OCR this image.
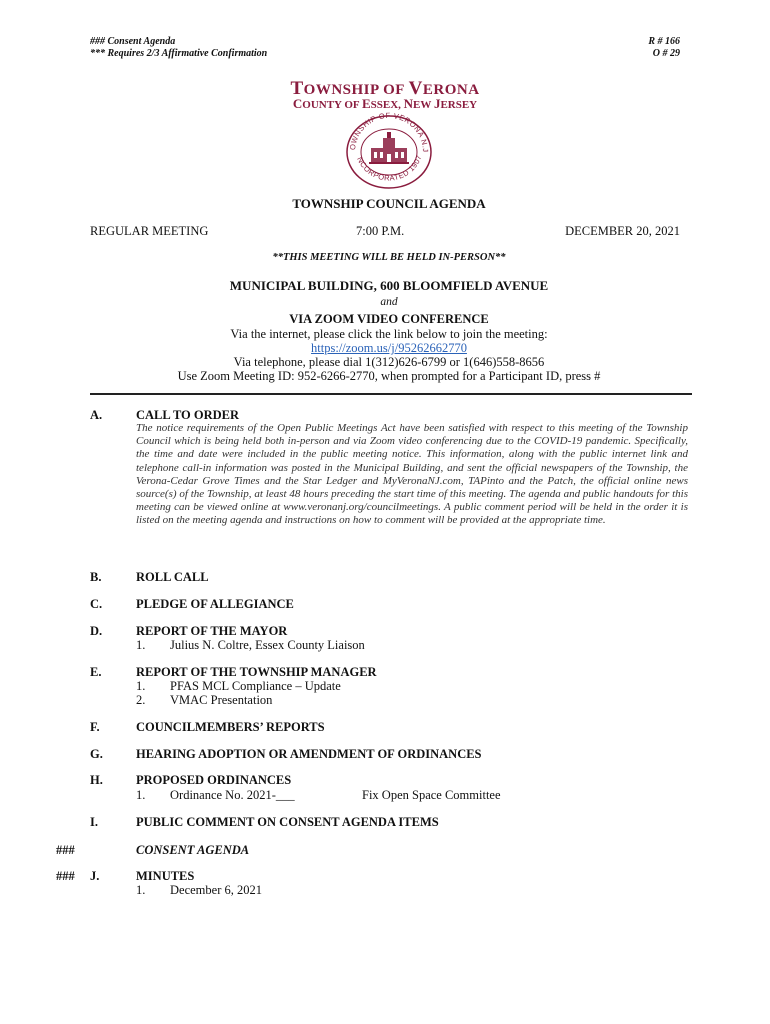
### Consent Agenda
*** Requires 2/3 Affirmative Confirmation
R # 166
O # 29
TOWNSHIP OF VERONA
COUNTY OF ESSEX, NEW JERSEY
OWNSHIP OF VERONA N.J
NCORPORATED 1907
TOWNSHIP COUNCIL AGENDA
REGULAR MEETING	7:00 P.M.	DECEMBER 20, 2021
**THIS MEETING WILL BE HELD IN-PERSON**
MUNICIPAL BUILDING, 600 BLOOMFIELD AVENUE
and
VIA ZOOM VIDEO CONFERENCE
Via the internet, please click the link below to join the meeting:
https://zoom.us/j/95262662770
Via telephone, please dial 1(312)626-6799 or 1(646)558-8656
Use Zoom Meeting ID: 952-6266-2770, when prompted for a Participant ID, press #
A.	CALL TO ORDER
The notice requirements of the Open Public Meetings Act have been satisfied with respect to this meeting of the Township Council which is being held both in-person and via Zoom video conferencing due to the COVID-19 pandemic. Specifically, the time and date were included in the public meeting notice. This information, along with the public internet link and telephone call-in information was posted in the Municipal Building, and sent the official newspapers of the Township, the Verona-Cedar Grove Times and the Star Ledger and MyVeronaNJ.com, TAPinto and the Patch, the official online news source(s) of the Township, at least 48 hours preceding the start time of this meeting. The agenda and public handouts for this meeting can be viewed online at www.veronanj.org/councilmeetings. A public comment period will be held in the order it is listed on the meeting agenda and instructions on how to comment will be provided at the appropriate time.
B.	ROLL CALL
C.	PLEDGE OF ALLEGIANCE
D.	REPORT OF THE MAYOR
1. Julius N. Coltre, Essex County Liaison
E.	REPORT OF THE TOWNSHIP MANAGER
1. PFAS MCL Compliance – Update
2. VMAC Presentation
F.	COUNCILMEMBERS’ REPORTS
G.	HEARING ADOPTION OR AMENDMENT OF ORDINANCES
H.	PROPOSED ORDINANCES
1. Ordinance No. 2021-___	Fix Open Space Committee
I.	PUBLIC COMMENT ON CONSENT AGENDA ITEMS
###	CONSENT AGENDA
### J.	MINUTES
1. December 6, 2021
